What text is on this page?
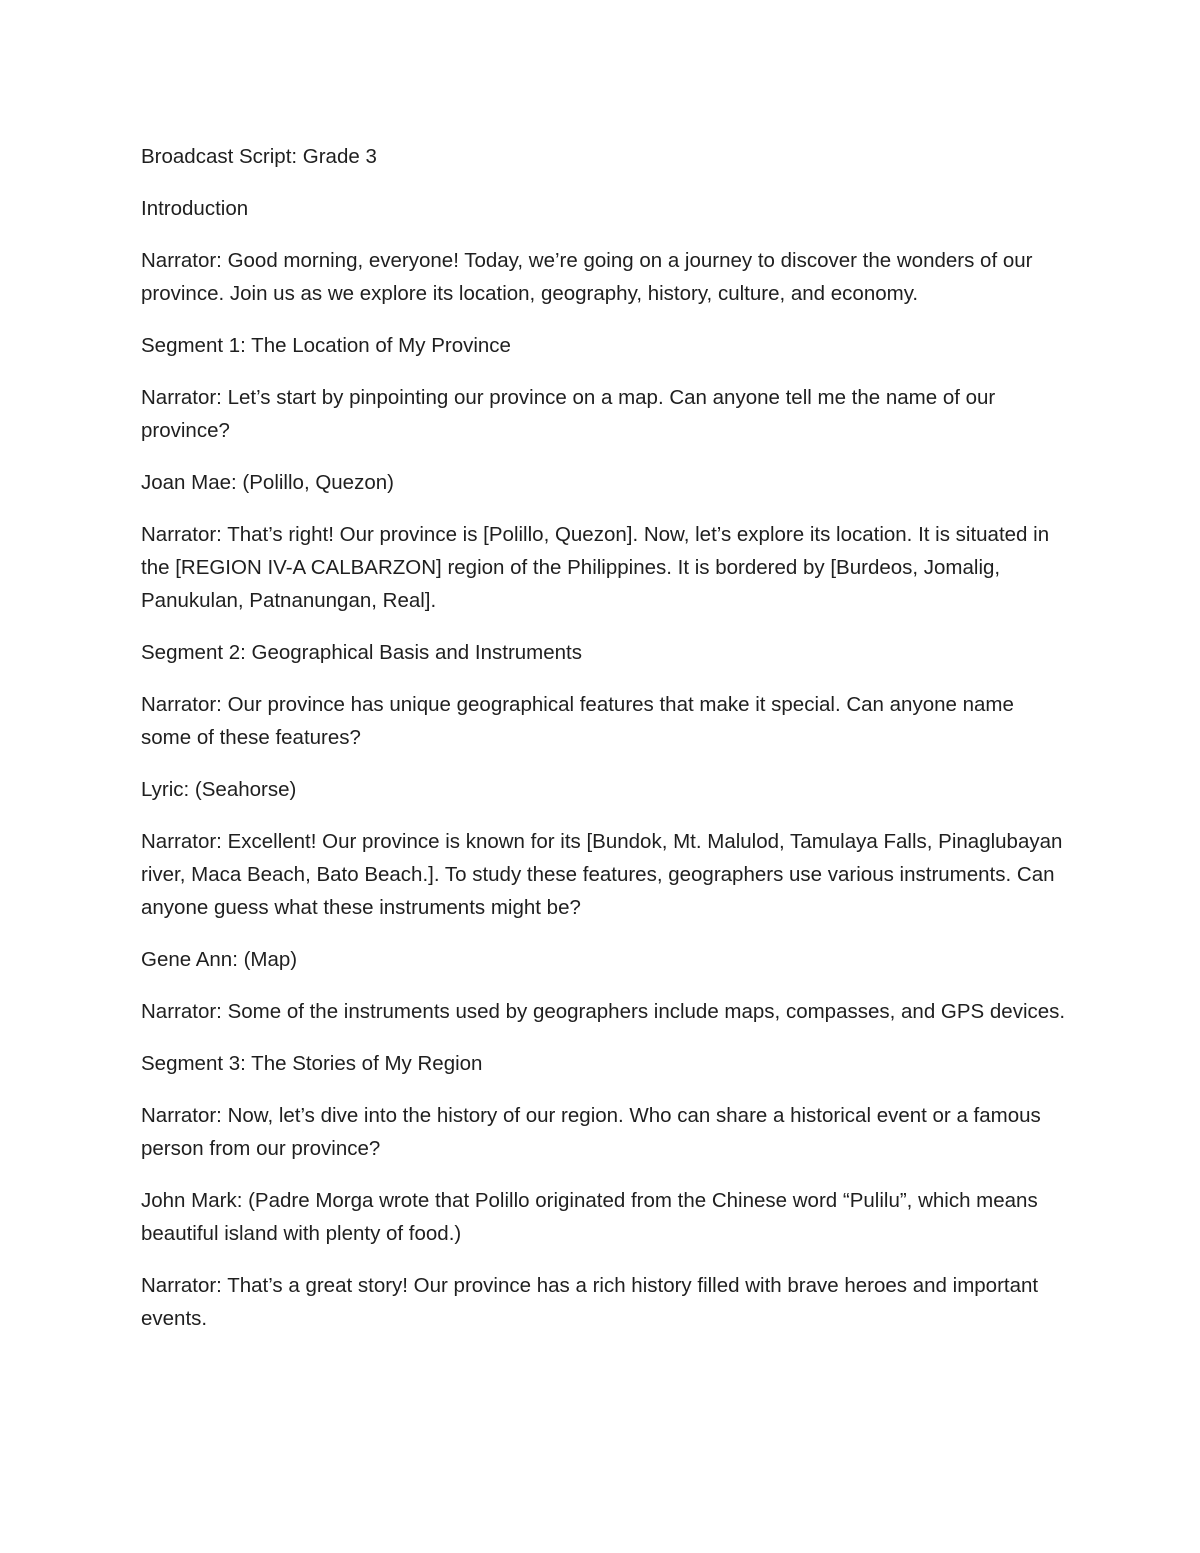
Broadcast Script: Grade 3

Introduction

Narrator: Good morning, everyone! Today, we’re going on a journey to discover the wonders of our province. Join us as we explore its location, geography, history, culture, and economy.

Segment 1: The Location of My Province

Narrator: Let’s start by pinpointing our province on a map. Can anyone tell me the name of our province?

Joan Mae: (Polillo, Quezon)

Narrator: That’s right! Our province is [Polillo, Quezon]. Now, let’s explore its location. It is situated in the [REGION IV-A CALBARZON] region of the Philippines. It is bordered by [Burdeos, Jomalig, Panukulan, Patnanungan, Real].

Segment 2: Geographical Basis and Instruments

Narrator: Our province has unique geographical features that make it special. Can anyone name some of these features?

Lyric: (Seahorse)

Narrator: Excellent! Our province is known for its [Bundok, Mt. Malulod, Tamulaya Falls, Pinaglubayan river, Maca Beach, Bato Beach.]. To study these features, geographers use various instruments. Can anyone guess what these instruments might be?

Gene Ann: (Map)

Narrator: Some of the instruments used by geographers include maps, compasses, and GPS devices.

Segment 3: The Stories of My Region

Narrator: Now, let’s dive into the history of our region. Who can share a historical event or a famous person from our province?

John Mark: (Padre Morga wrote that Polillo originated from the Chinese word “Pulilu”, which means beautiful island with plenty of food.)

Narrator: That’s a great story! Our province has a rich history filled with brave heroes and important events.
